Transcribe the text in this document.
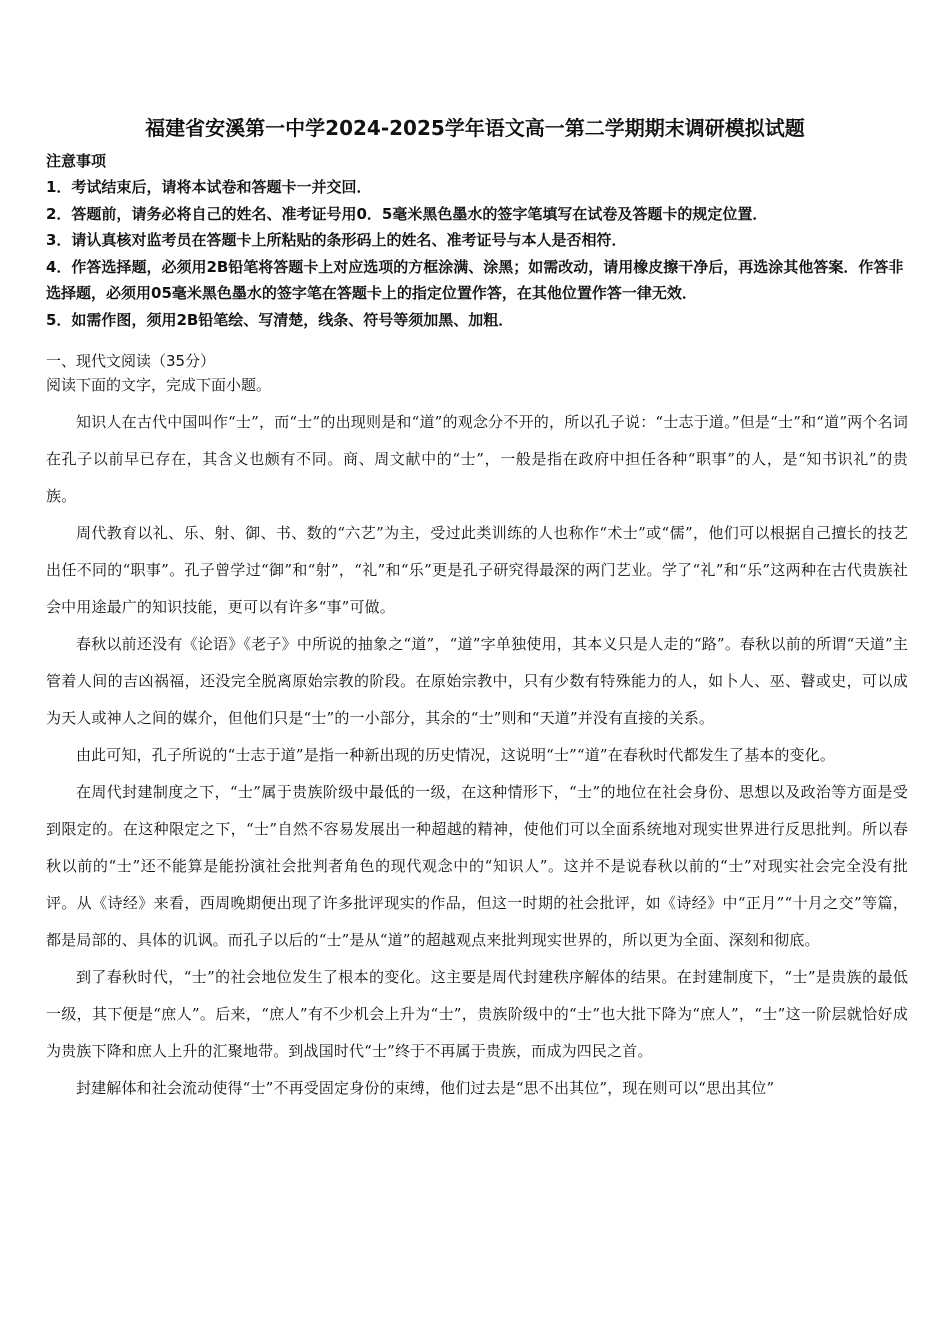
福建省安溪第一中学2024-2025学年语文高一第二学期期末调研模拟试题
注意事项
1．考试结束后，请将本试卷和答题卡一并交回．
2．答题前，请务必将自己的姓名、准考证号用0．5毫米黑色墨水的签字笔填写在试卷及答题卡的规定位置．
3．请认真核对监考员在答题卡上所粘贴的条形码上的姓名、准考证号与本人是否相符．
4．作答选择题，必须用2B铅笔将答题卡上对应选项的方框涂满、涂黑；如需改动，请用橡皮擦干净后，再选涂其他答案．作答非选择题，必须用05毫米黑色墨水的签字笔在答题卡上的指定位置作答，在其他位置作答一律无效．
5．如需作图，须用2B铅笔绘、写清楚，线条、符号等须加黑、加粗．
一、现代文阅读（35分）
阅读下面的文字，完成下面小题。

知识人在古代中国叫作“士”，而“士”的出现则是和“道”的观念分不开的，所以孔子说：“士志于道。”但是“士”和“道”两个名词在孔子以前早已存在，其含义也颇有不同。商、周文献中的“士”，一般是指在政府中担任各种“职事”的人，是“知书识礼”的贵族。

周代教育以礼、乐、射、御、书、数的“六艺”为主，受过此类训练的人也称作“术士”或“儒”，他们可以根据自己擅长的技艺出任不同的“职事”。孔子曾学过“御”和“射”，“礼”和“乐”更是孔子研究得最深的两门艺业。学了“礼”和“乐”这两种在古代贵族社会中用途最广的知识技能，更可以有许多“事”可做。

春秋以前还没有《论语》《老子》中所说的抽象之“道”，“道”字单独使用，其本义只是人走的“路”。春秋以前的所谓“天道”主管着人间的吉凶祸福，还没完全脱离原始宗教的阶段。在原始宗教中，只有少数有特殊能力的人，如卜人、巫、瞽或史，可以成为天人或神人之间的媒介，但他们只是“士”的一小部分，其余的“士”则和“天道”并没有直接的关系。

由此可知，孔子所说的“士志于道”是指一种新出现的历史情况，这说明“士”“道”在春秋时代都发生了基本的变化。

在周代封建制度之下，“士”属于贵族阶级中最低的一级，在这种情形下，“士”的地位在社会身份、思想以及政治等方面是受到限定的。在这种限定之下，“士”自然不容易发展出一种超越的精神，使他们可以全面系统地对现实世界进行反思批判。所以春秋以前的“士”还不能算是能扮演社会批判者角色的现代观念中的“知识人”。这并不是说春秋以前的“士”对现实社会完全没有批评。从《诗经》来看，西周晚期便出现了许多批评现实的作品，但这一时期的社会批评，如《诗经》中“正月”“十月之交”等篇，都是局部的、具体的讥讽。而孔子以后的“士”是从“道”的超越观点来批判现实世界的，所以更为全面、深刻和彻底。

到了春秋时代，“士”的社会地位发生了根本的变化。这主要是周代封建秩序解体的结果。在封建制度下，“士”是贵族的最低一级，其下便是“庶人”。后来，“庶人”有不少机会上升为“士”，贵族阶级中的“士”也大批下降为“庶人”，“士”这一阶层就恰好成为贵族下降和庶人上升的汇聚地带。到战国时代“士”终于不再属于贵族，而成为四民之首。

封建解体和社会流动使得“士”不再受固定身份的束缚，他们过去是“思不出其位”，现在则可以“思出其位”
